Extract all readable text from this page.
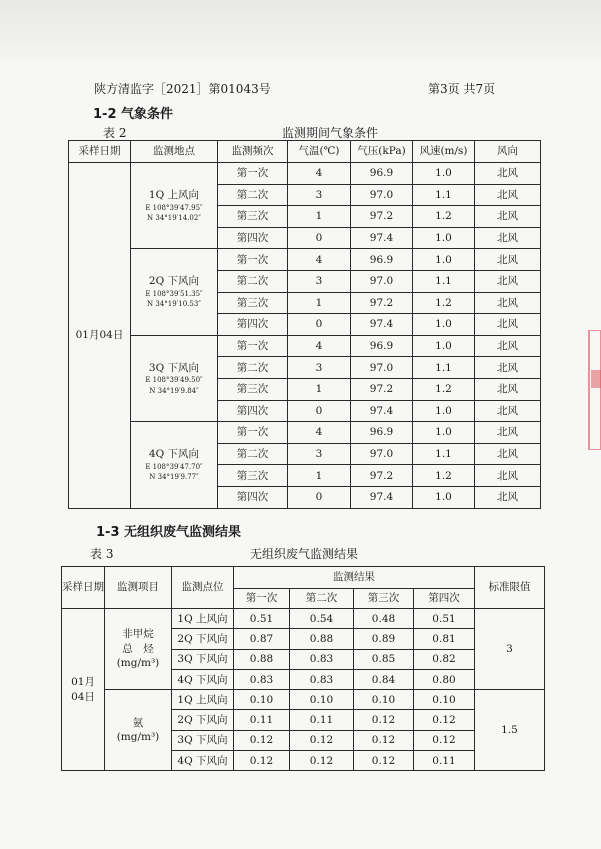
陕方清监字［2021］第01043号	第3页 共7页
1-2 气象条件
表 2	监测期间气象条件
采样日期	监测地点	监测频次	气温(℃)	气压(kPa)	风速(m/s)	风向
01月04日	1Q 上风向
E 108°39′47.95″
N 34°19′14.02″	第一次	4	96.9	1.0	北风
		第二次	3	97.0	1.1	北风
		第三次	1	97.2	1.2	北风
		第四次	0	97.4	1.0	北风

	2Q 下风向
E 108°39′51.35″
N 34°19′10.53″	第一次	4	96.9	1.0	北风
		第二次	3	97.0	1.1	北风
		第三次	1	97.2	1.2	北风
		第四次	0	97.4	1.0	北风

	3Q 下风向
E 108°39′49.50″
N 34°19′9.84″	第一次	4	96.9	1.0	北风
		第二次	3	97.0	1.1	北风
		第三次	1	97.2	1.2	北风
		第四次	0	97.4	1.0	北风

	4Q 下风向
E 108°39′47.70″
N 34°19′9.77″	第一次	4	96.9	1.0	北风
		第二次	3	97.0	1.1	北风
		第三次	1	97.2	1.2	北风
		第四次	0	97.4	1.0	北风
1-3 无组织废气监测结果
表 3	无组织废气监测结果
采样日期	监测项目	监测点位	监测结果				标准限值
			第一次	第二次	第三次	第四次	

01月
04日	非甲烷
总　烃
(mg/m³)	1Q 上风向	0.51	0.54	0.48	0.51	3
		2Q 下风向	0.87	0.88	0.89	0.81	
		3Q 下风向	0.88	0.83	0.85	0.82	
		4Q 下风向	0.83	0.83	0.84	0.80	

	氨
(mg/m³)	1Q 上风向	0.10	0.10	0.10	0.10	1.5
		2Q 下风向	0.11	0.11	0.12	0.12	
		3Q 下风向	0.12	0.12	0.12	0.12	
		4Q 下风向	0.12	0.12	0.12	0.11	
